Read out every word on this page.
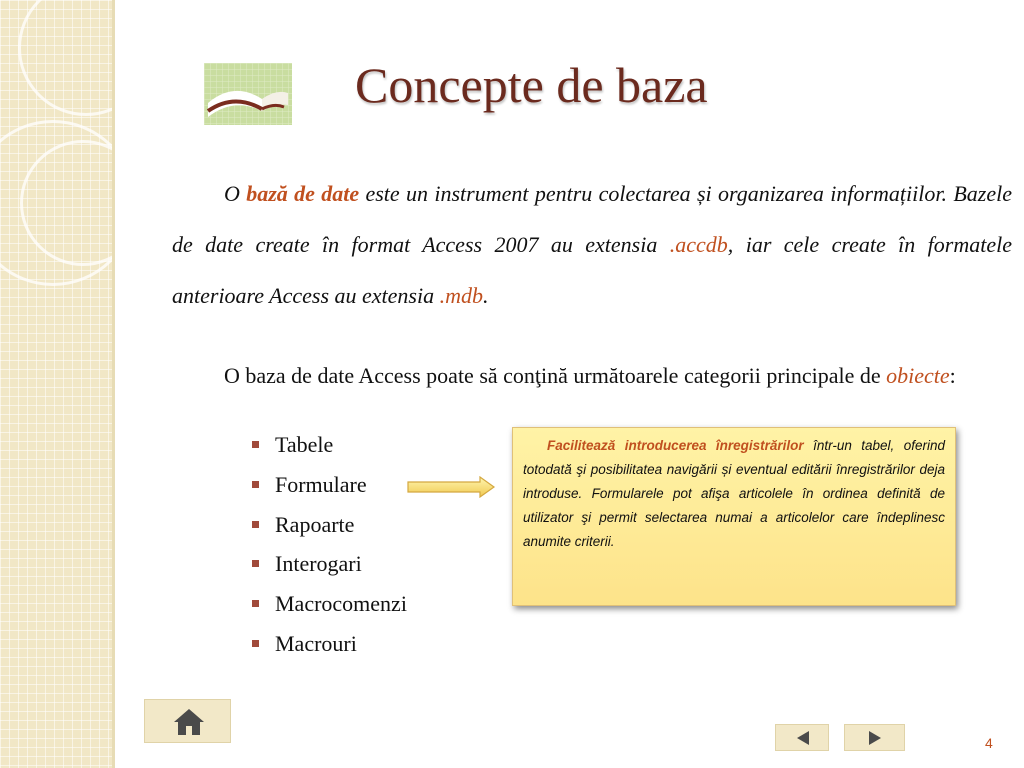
Concepte de baza

O bază de date este un instrument pentru colectarea și organizarea informațiilor. Bazele de date create în format Access 2007 au extensia .accdb, iar cele create în formatele anterioare Access au extensia .mdb.

O baza de date Access poate să conţină următoarele categorii principale de obiecte:

Tabele
Formulare
Rapoarte
Interogari
Macrocomenzi
Macrouri

Facilitează introducerea înregistrărilor într-un tabel, oferind totodată şi posibilitatea navigării și eventual editării înregistrărilor deja introduse. Formularele pot afişa articolele în ordinea definită de utilizator şi permit selectarea numai a articolelor care îndeplinesc anumite criterii.

4
